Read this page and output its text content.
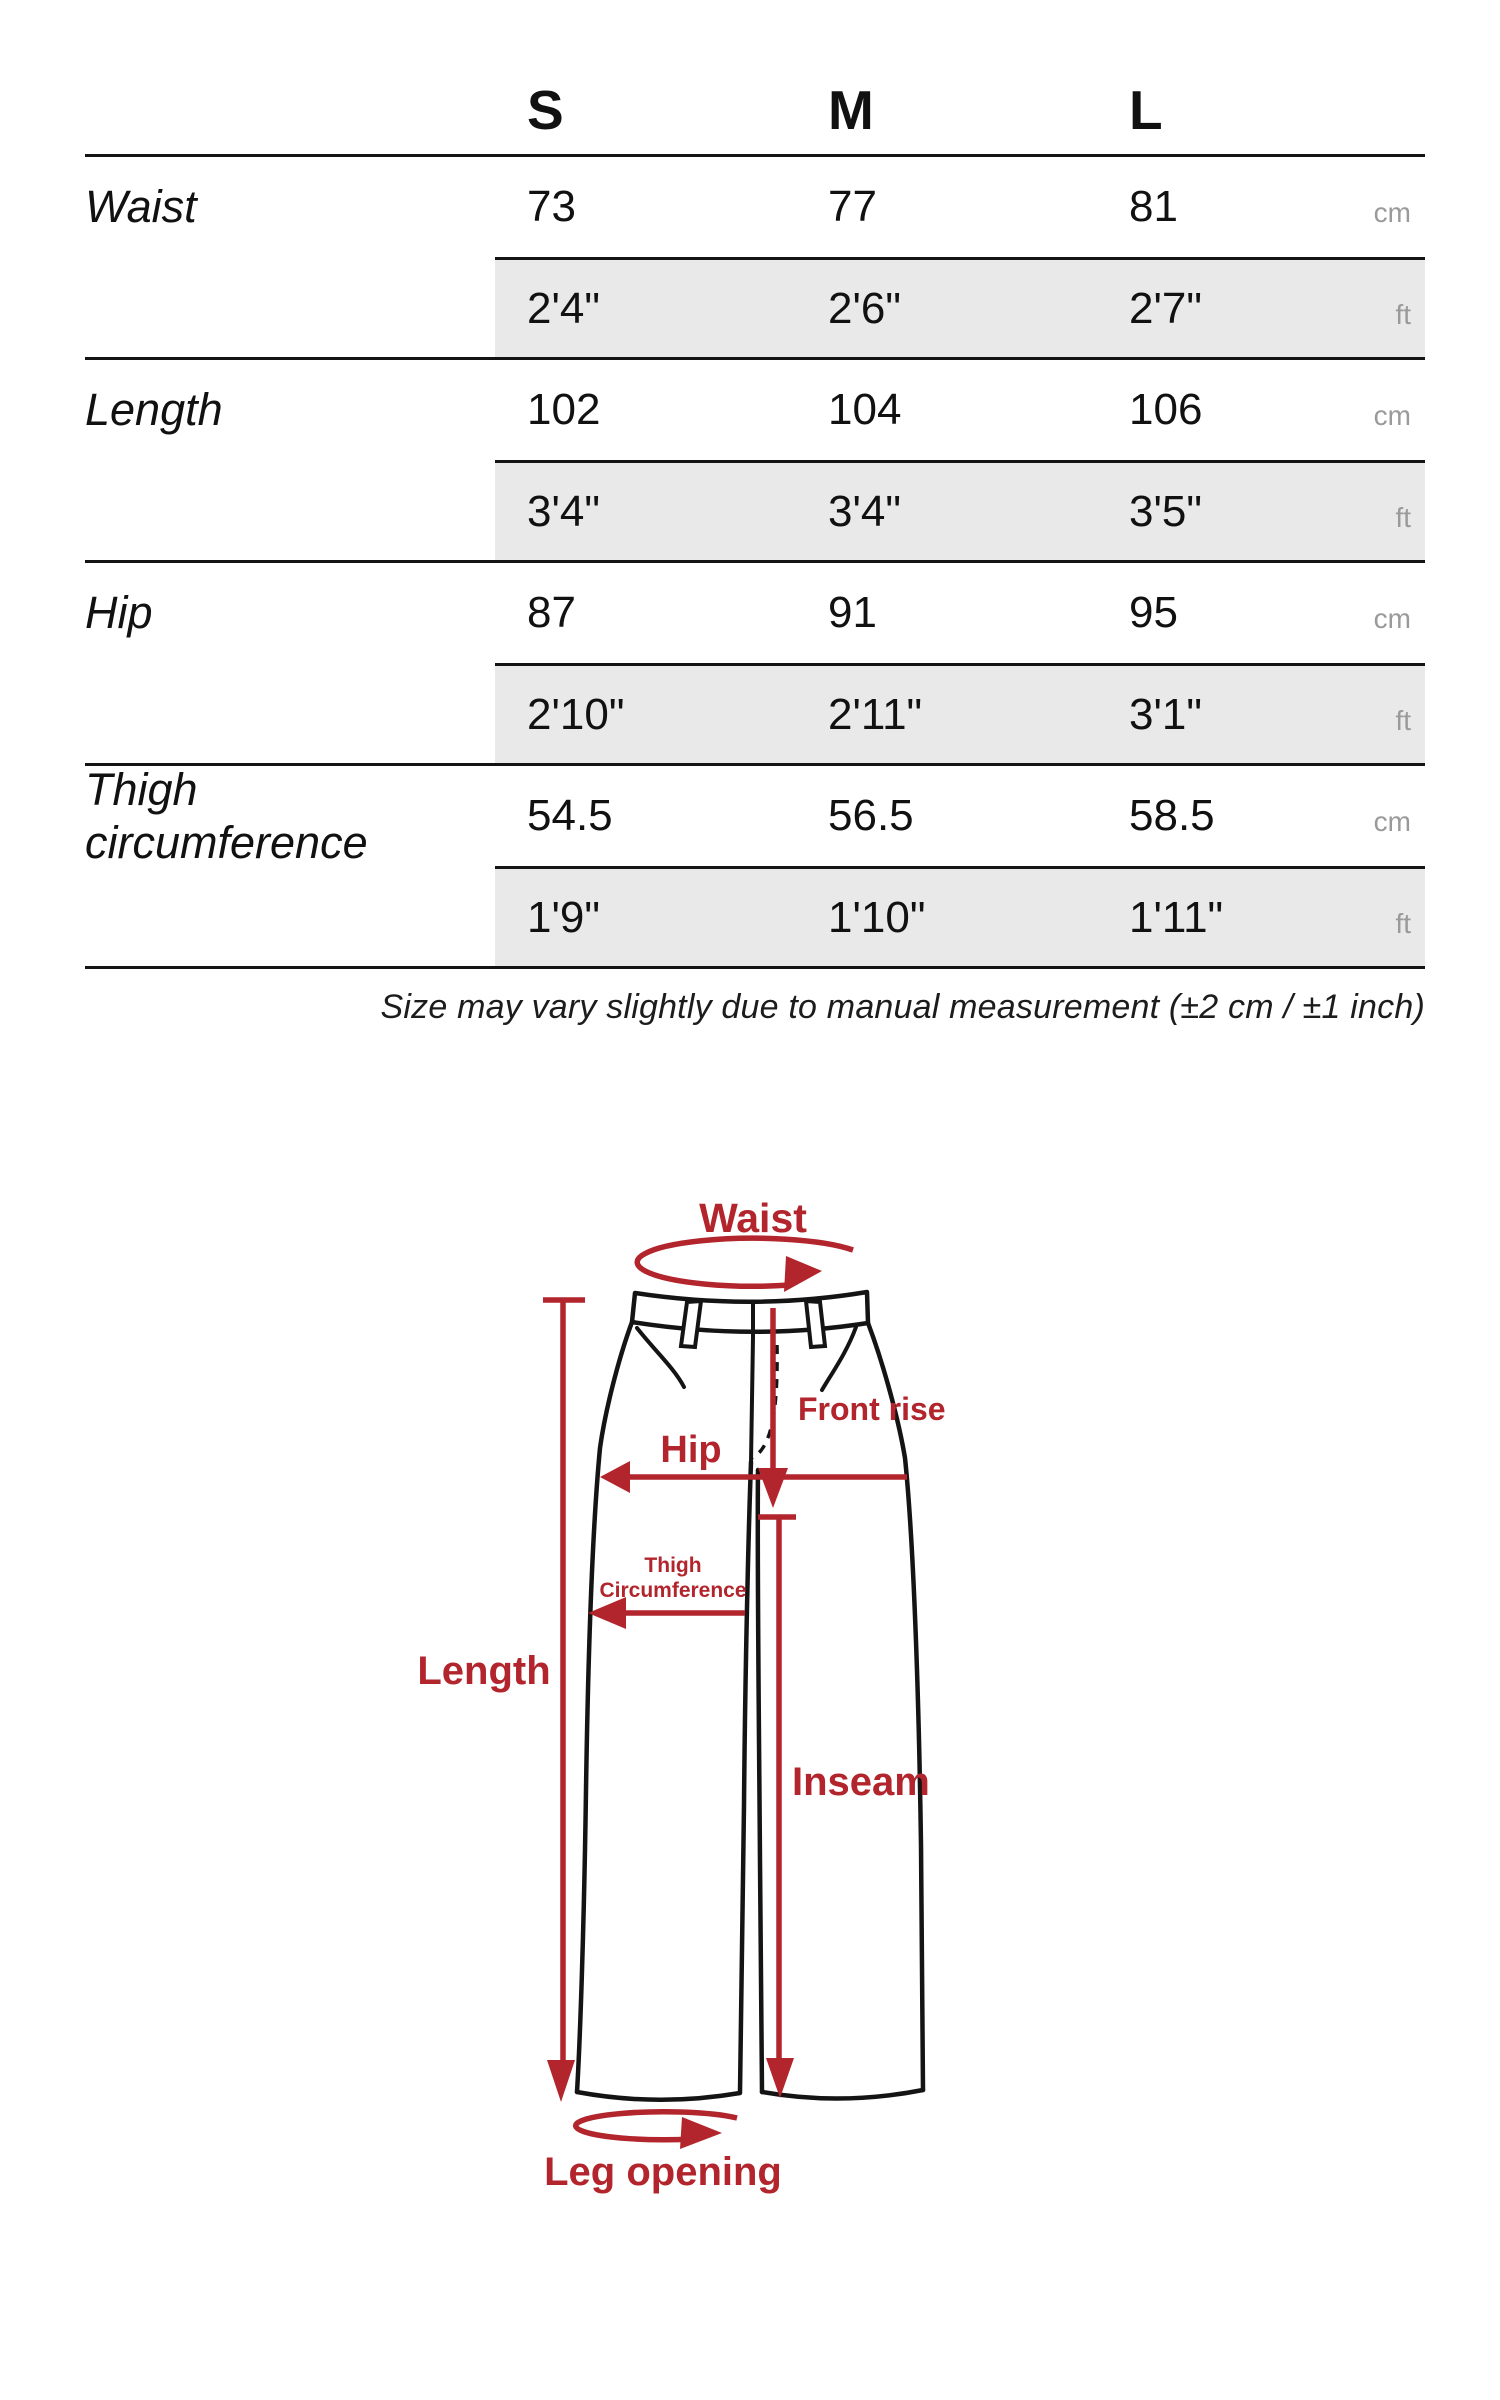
S	M	L
Waist	73	77	81	cm
2'4"	2'6"	2'7"	ft
Length	102	104	106	cm
3'4"	3'4"	3'5"	ft
Hip	87	91	95	cm
2'10"	2'11"	3'1"	ft
Thigh circumference
54.5	56.5	58.5	cm
1'9"	1'10"	1'11"	ft
Size may vary slightly due to manual measurement (±2 cm / ±1 inch)
Waist
Length
Hip
Front rise
Inseam
Thigh
Circumference
Leg opening
